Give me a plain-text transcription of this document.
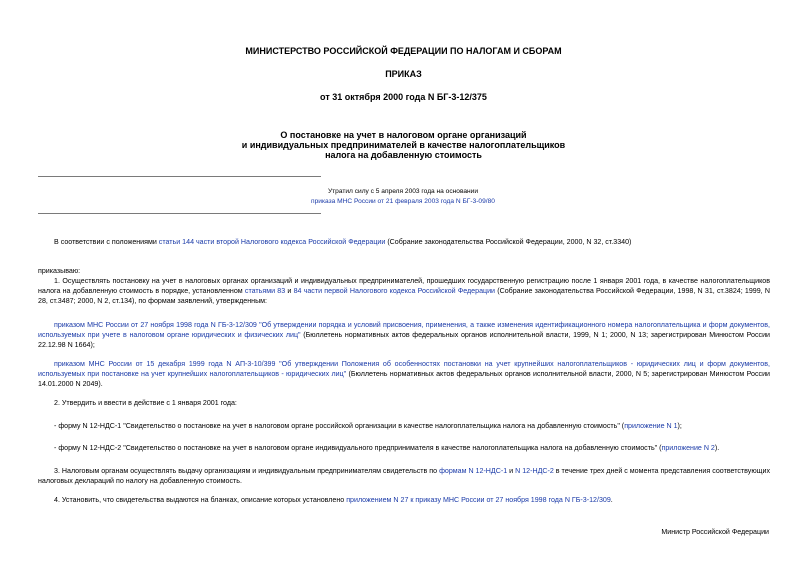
МИНИСТЕРСТВО РОССИЙСКОЙ ФЕДЕРАЦИИ ПО НАЛОГАМ И СБОРАМ
ПРИКАЗ
от 31 октября 2000 года N БГ-3-12/375
О постановке на учет в налоговом органе организаций
и индивидуальных предпринимателей в качестве налогоплательщиков
налога на добавленную стоимость
Утратил силу с 5 апреля 2003 года на основании
приказа МНС России от 21 февраля 2003 года N БГ-3-09/80
В соответствии с положениями статьи 144 части второй Налогового кодекса Российской Федерации (Собрание законодательства Российской Федерации, 2000, N 32, ст.3340)
приказываю:
1. Осуществлять постановку на учет в налоговых органах организаций и индивидуальных предпринимателей, прошедших государственную регистрацию после 1 января 2001 года, в качестве налогоплательщиков налога на добавленную стоимость в порядке, установленном статьями 83 и 84 части первой Налогового кодекса Российской Федерации (Собрание законодательства Российской Федерации, 1998, N 31, ст.3824; 1999, N 28, ст.3487; 2000, N 2, ст.134), по формам заявлений, утвержденным:
приказом МНС России от 27 ноября 1998 года N ГБ-3-12/309 "Об утверждении порядка и условий присвоения, применения, а также изменения идентификационного номера налогоплательщика и форм документов, используемых при учете в налоговом органе юридических и физических лиц" (Бюллетень нормативных актов федеральных органов исполнительной власти, 1999, N 1; 2000, N 13; зарегистрирован Минюстом России 22.12.98 N 1664);
приказом МНС России от 15 декабря 1999 года N АП-3-10/399 "Об утверждении Положения об особенностях постановки на учет крупнейших налогоплательщиков - юридических лиц и форм документов, используемых при постановке на учет крупнейших налогоплательщиков - юридических лиц" (Бюллетень нормативных актов федеральных органов исполнительной власти, 2000, N 5; зарегистрирован Минюстом России 14.01.2000 N 2049).
2. Утвердить и ввести в действие с 1 января 2001 года:
- форму N 12-НДС-1 "Свидетельство о постановке на учет в налоговом органе российской организации в качестве налогоплательщика налога на добавленную стоимость" (приложение N 1);
- форму N 12-НДС-2 "Свидетельство о постановке на учет в налоговом органе индивидуального предпринимателя в качестве налогоплательщика налога на добавленную стоимость" (приложение N 2).
3. Налоговым органам осуществлять выдачу организациям и индивидуальным предпринимателям свидетельств по формам N 12-НДС-1 и N 12-НДС-2 в течение трех дней с момента представления соответствующих налоговых деклараций по налогу на добавленную стоимость.
4. Установить, что свидетельства выдаются на бланках, описание которых установлено приложением N 27 к приказу МНС России от 27 ноября 1998 года N ГБ-3-12/309.
Министр Российской Федерации
